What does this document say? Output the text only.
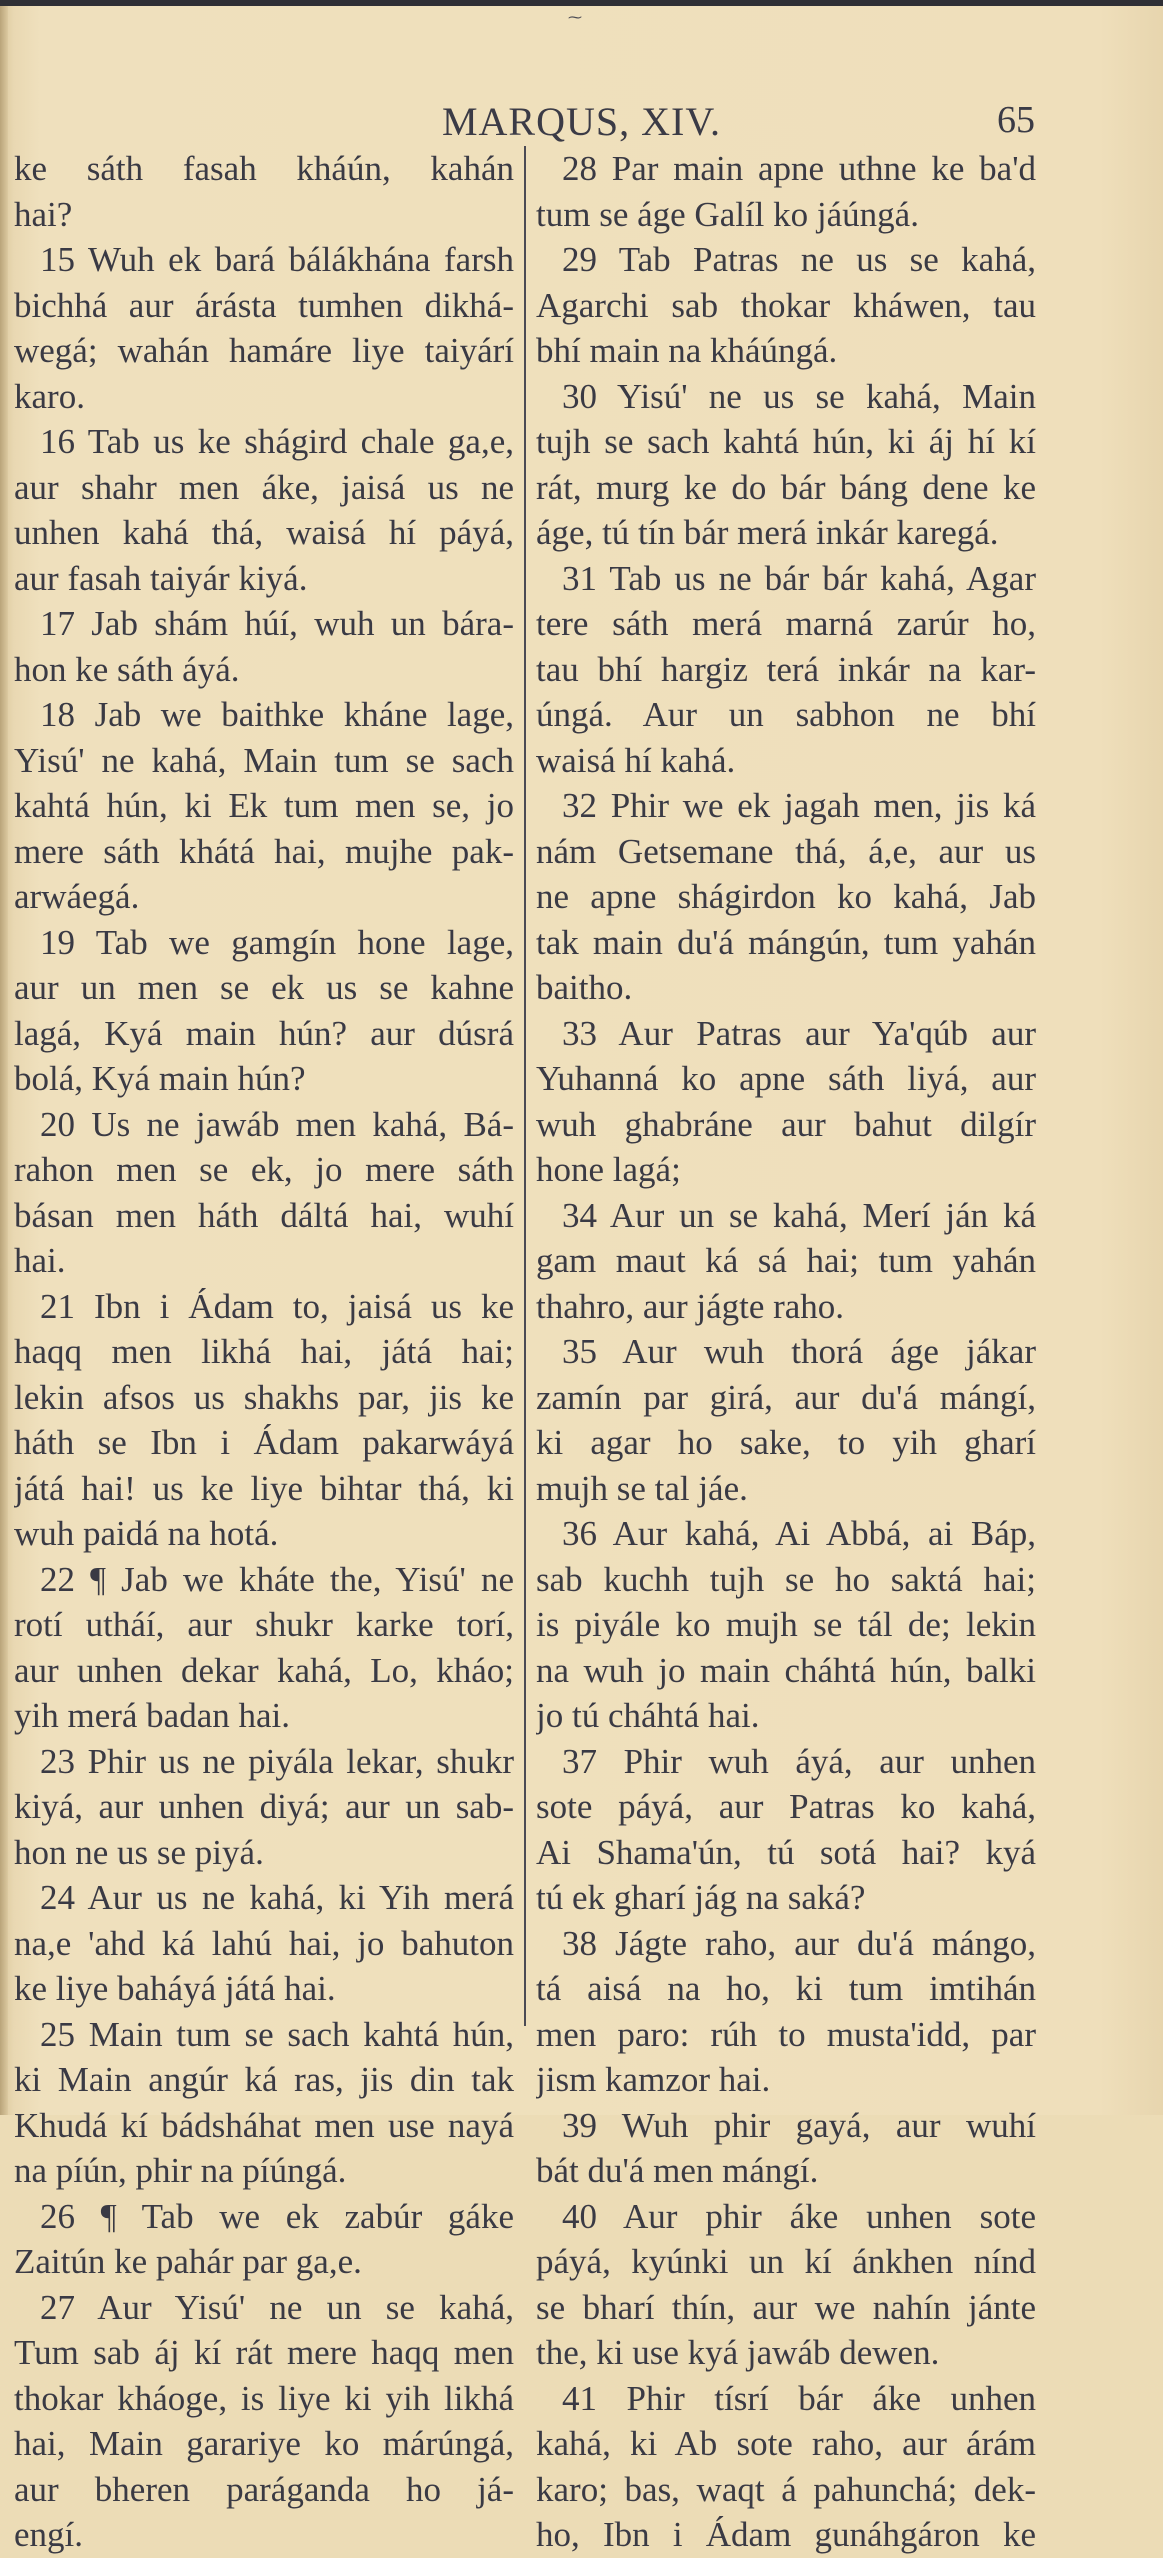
⁓
MARQUS, XIV.	65
ke sáth fasah kháún, kahán
hai?
15 Wuh ek bará bálákhána farsh
bichhá aur árásta tumhen dikhá-
wegá; wahán hamáre liye taiyárí
karo.
16 Tab us ke shágird chale ga,e,
aur shahr men áke, jaisá us ne
unhen kahá thá, waisá hí páyá,
aur fasah taiyár kiyá.
17 Jab shám húí, wuh un bára-
hon ke sáth áyá.
18 Jab we baithke kháne lage,
Yisú' ne kahá, Main tum se sach
kahtá hún, ki Ek tum men se, jo
mere sáth khátá hai, mujhe pak-
arwáegá.
19 Tab we gamgín hone lage,
aur un men se ek us se kahne
lagá, Kyá main hún? aur dúsrá
bolá, Kyá main hún?
20 Us ne jawáb men kahá, Bá-
rahon men se ek, jo mere sáth
básan men háth dáltá hai, wuhí
hai.
21 Ibn i Ádam to, jaisá us ke
haqq men likhá hai, játá hai;
lekin afsos us shakhs par, jis ke
háth se Ibn i Ádam pakarwáyá
játá hai! us ke liye bihtar thá, ki
wuh paidá na hotá.
22 ¶ Jab we kháte the, Yisú' ne
rotí utháí, aur shukr karke torí,
aur unhen dekar kahá, Lo, kháo;
yih merá badan hai.
23 Phir us ne piyála lekar, shukr
kiyá, aur unhen diyá; aur un sab-
hon ne us se piyá.
24 Aur us ne kahá, ki Yih merá
na,e 'ahd ká lahú hai, jo bahuton
ke liye baháyá játá hai.
25 Main tum se sach kahtá hún,
ki Main angúr ká ras, jis din tak
Khudá kí bádsháhat men use nayá
na píún, phir na píúngá.
26 ¶ Tab we ek zabúr gáke
Zaitún ke pahár par ga,e.
27 Aur Yisú' ne un se kahá,
Tum sab áj kí rát mere haqq men
thokar kháoge, is liye ki yih likhá
hai, Main garariye ko márúngá,
aur bheren paráganda ho já-
engí.
28 Par main apne uthne ke ba'd
tum se áge Galíl ko jáúngá.
29 Tab Patras ne us se kahá,
Agarchi sab thokar kháwen, tau
bhí main na kháúngá.
30 Yisú' ne us se kahá, Main
tujh se sach kahtá hún, ki áj hí kí
rát, murg ke do bár báng dene ke
áge, tú tín bár merá inkár karegá.
31 Tab us ne bár bár kahá, Agar
tere sáth merá marná zarúr ho,
tau bhí hargiz terá inkár na kar-
úngá. Aur un sabhon ne bhí
waisá hí kahá.
32 Phir we ek jagah men, jis ká
nám Getsemane thá, á,e, aur us
ne apne shágirdon ko kahá, Jab
tak main du'á mángún, tum yahán
baitho.
33 Aur Patras aur Ya'qúb aur
Yuhanná ko apne sáth liyá, aur
wuh ghabráne aur bahut dilgír
hone lagá;
34 Aur un se kahá, Merí ján ká
gam maut ká sá hai; tum yahán
thahro, aur jágte raho.
35 Aur wuh thorá áge jákar
zamín par girá, aur du'á mángí,
ki agar ho sake, to yih gharí
mujh se tal jáe.
36 Aur kahá, Ai Abbá, ai Báp,
sab kuchh tujh se ho saktá hai;
is piyále ko mujh se tál de; lekin
na wuh jo main cháhtá hún, balki
jo tú cháhtá hai.
37 Phir wuh áyá, aur unhen
sote páyá, aur Patras ko kahá,
Ai Shama'ún, tú sotá hai? kyá
tú ek gharí jág na saká?
38 Jágte raho, aur du'á mángo,
tá aisá na ho, ki tum imtihán
men paro: rúh to musta'idd, par
jism kamzor hai.
39 Wuh phir gayá, aur wuhí
bát du'á men mángí.
40 Aur phir áke unhen sote
páyá, kyúnki un kí ánkhen nínd
se bharí thín, aur we nahín jánte
the, ki use kyá jawáb dewen.
41 Phir tísrí bár áke unhen
kahá, ki Ab sote raho, aur árám
karo; bas, waqt á pahunchá; dek-
ho, Ibn i Ádam gunáhgáron ke
